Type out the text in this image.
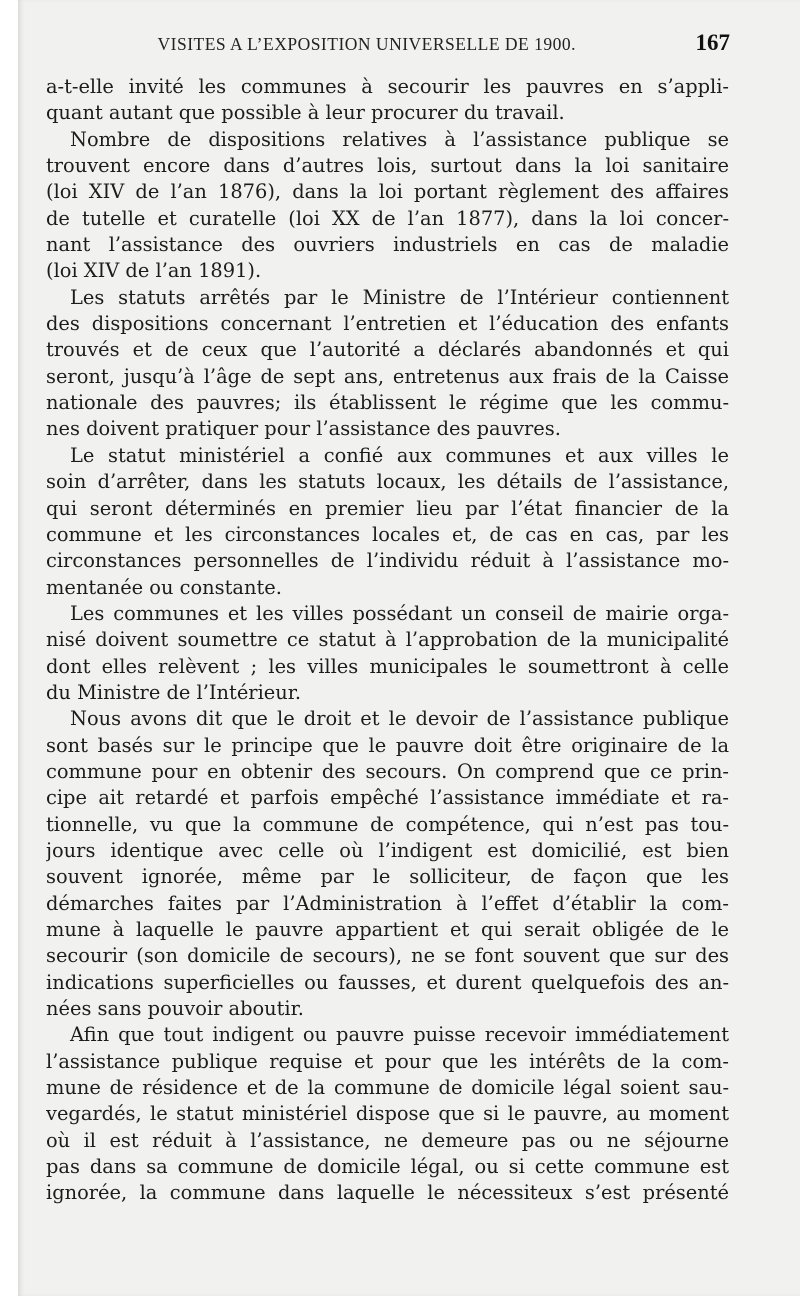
VISITES A L’EXPOSITION UNIVERSELLE DE 1900.	167
a-t-elle invité les communes à secourir les pauvres en s’appli-
quant autant que possible à leur procurer du travail.
Nombre de dispositions relatives à l’assistance publique se
trouvent encore dans d’autres lois, surtout dans la loi sanitaire
(loi XIV de l’an 1876), dans la loi portant règlement des affaires
de tutelle et curatelle (loi XX de l’an 1877), dans la loi concer-
nant l’assistance des ouvriers industriels en cas de maladie
(loi XIV de l’an 1891).
Les statuts arrêtés par le Ministre de l’Intérieur contiennent
des dispositions concernant l’entretien et l’éducation des enfants
trouvés et de ceux que l’autorité a déclarés abandonnés et qui
seront, jusqu’à l’âge de sept ans, entretenus aux frais de la Caisse
nationale des pauvres; ils établissent le régime que les commu-
nes doivent pratiquer pour l’assistance des pauvres.
Le statut ministériel a confié aux communes et aux villes le
soin d’arrêter, dans les statuts locaux, les détails de l’assistance,
qui seront déterminés en premier lieu par l’état financier de la
commune et les circonstances locales et, de cas en cas, par les
circonstances personnelles de l’individu réduit à l’assistance mo-
mentanée ou constante.
Les communes et les villes possédant un conseil de mairie orga-
nisé doivent soumettre ce statut à l’approbation de la municipalité
dont elles relèvent ; les villes municipales le soumettront à celle
du Ministre de l’Intérieur.
Nous avons dit que le droit et le devoir de l’assistance publique
sont basés sur le principe que le pauvre doit être originaire de la
commune pour en obtenir des secours. On comprend que ce prin-
cipe ait retardé et parfois empêché l’assistance immédiate et ra-
tionnelle, vu que la commune de compétence, qui n’est pas tou-
jours identique avec celle où l’indigent est domicilié, est bien
souvent ignorée, même par le solliciteur, de façon que les
démarches faites par l’Administration à l’effet d’établir la com-
mune à laquelle le pauvre appartient et qui serait obligée de le
secourir (son domicile de secours), ne se font souvent que sur des
indications superficielles ou fausses, et durent quelquefois des an-
nées sans pouvoir aboutir.
Afin que tout indigent ou pauvre puisse recevoir immédiatement
l’assistance publique requise et pour que les intérêts de la com-
mune de résidence et de la commune de domicile légal soient sau-
vegardés, le statut ministériel dispose que si le pauvre, au moment
où il est réduit à l’assistance, ne demeure pas ou ne séjourne
pas dans sa commune de domicile légal, ou si cette commune est
ignorée, la commune dans laquelle le nécessiteux s’est présenté
